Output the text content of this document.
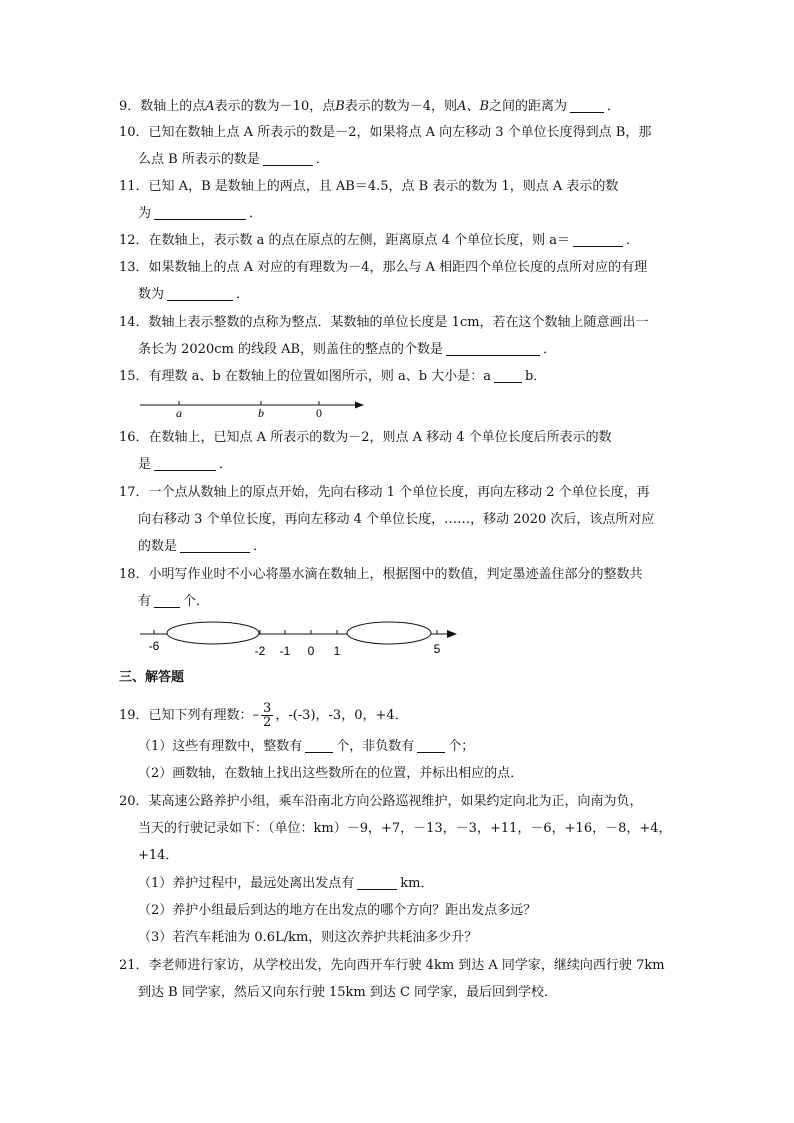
9．数轴上的点A表示的数为－10，点B表示的数为－4，则A、B之间的距离为	．
10．已知在数轴上点 A 所表示的数是－2，如果将点 A 向左移动 3 个单位长度得到点 B，那
么点 B 所表示的数是	．
11．已知 A，B 是数轴上的两点，且 AB＝4.5，点 B 表示的数为 1，则点 A 表示的数
为	．
12．在数轴上，表示数 a 的点在原点的左侧，距离原点 4 个单位长度，则 a＝	．
13．如果数轴上的点 A 对应的有理数为－4，那么与 A 相距四个单位长度的点所对应的有理
数为	．
14．数轴上表示整数的点称为整点．某数轴的单位长度是 1cm，若在这个数轴上随意画出一
条长为 2020cm 的线段 AB，则盖住的整点的个数是	．
15．有理数 a、b 在数轴上的位置如图所示，则 a、b 大小是：a	b．
a	b	0
16．在数轴上，已知点 A 所表示的数为－2，则点 A 移动 4 个单位长度后所表示的数
是	．
17．一个点从数轴上的原点开始，先向右移动 1 个单位长度，再向左移动 2 个单位长度，再
向右移动 3 个单位长度，再向左移动 4 个单位长度，……，移动 2020 次后，该点所对应
的数是	．
18．小明写作业时不小心将墨水滴在数轴上，根据图中的数值，判定墨迹盖住部分的整数共
有 个．
-6	-2 -1 0 1	5
三、解答题
19．已知下列有理数：– $\frac{3}{2}$ ，-(-3)，-3，0，+4．
（1）这些有理数中，整数有	个，非负数有	个；
（2）画数轴，在数轴上找出这些数所在的位置，并标出相应的点．
20．某高速公路养护小组，乘车沿南北方向公路巡视维护，如果约定向北为正，向南为负，
当天的行驶记录如下：（单位：km）－9，+7，－13，－3，+11，－6，+16，－8，+4，
+14．
（1）养护过程中，最远处离出发点有	km．
（2）养护小组最后到达的地方在出发点的哪个方向？距出发点多远？
（3）若汽车耗油为 0.6L/km，则这次养护共耗油多少升？
21．李老师进行家访，从学校出发，先向西开车行驶 4km 到达 A 同学家，继续向西行驶 7km
到达 B 同学家，然后又向东行驶 15km 到达 C 同学家，最后回到学校．
